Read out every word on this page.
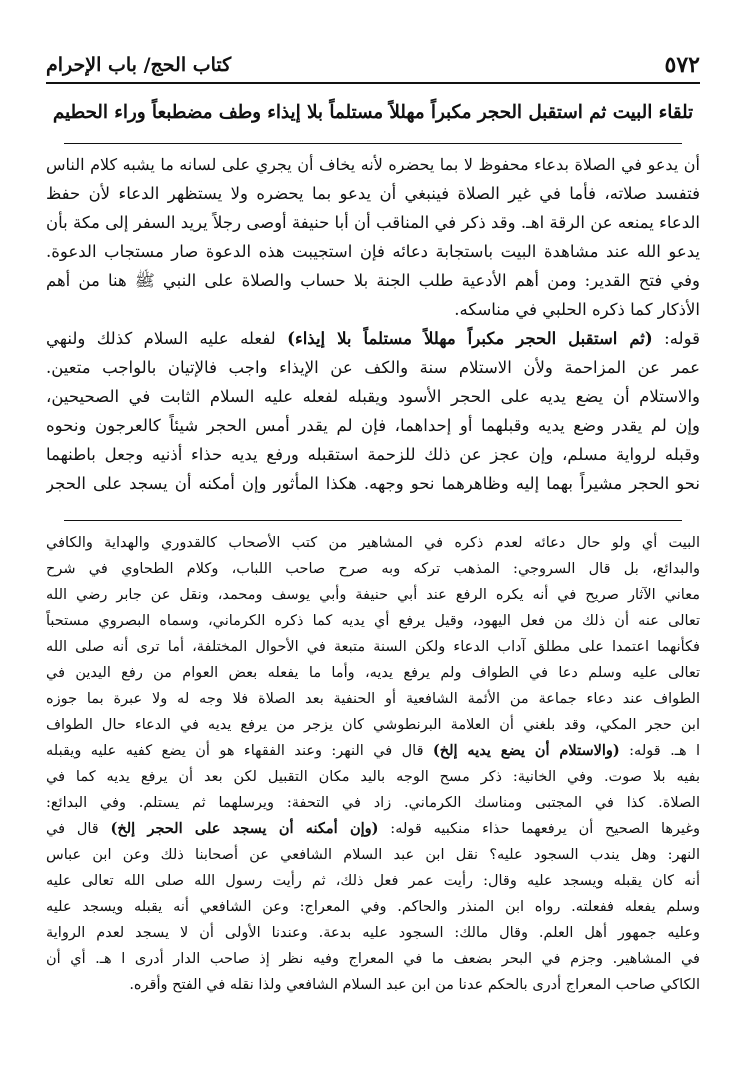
كتاب الحج/ باب الإحرام	٥٧٢
تلقاء البيت ثم استقبل الحجر مكبراً مهللاً مستلماً بلا إيذاء وطف مضطبعاً وراء الحطيم
أن يدعو في الصلاة بدعاء محفوظ لا بما يحضره لأنه يخاف أن يجري على لسانه ما يشبه كلام الناس
فتفسد صلاته، فأما في غير الصلاة فينبغي أن يدعو بما يحضره ولا يستظهر الدعاء لأن حفظ
الدعاء يمنعه عن الرقة اهـ. وقد ذكر في المناقب أن أبا حنيفة أوصى رجلاً يريد السفر إلى مكة بأن
يدعو الله عند مشاهدة البيت باستجابة دعائه فإن استجيبت هذه الدعوة صار مستجاب الدعوة.
وفي فتح القدير: ومن أهم الأدعية طلب الجنة بلا حساب والصلاة على النبي ﷺ هنا من أهم
الأذكار كما ذكره الحلبي في مناسكه.
قوله: (ثم استقبل الحجر مكبراً مهللاً مستلماً بلا إيذاء) لفعله عليه السلام كذلك ولنهي
عمر عن المزاحمة ولأن الاستلام سنة والكف عن الإيذاء واجب فالإتيان بالواجب متعين.
والاستلام أن يضع يديه على الحجر الأسود ويقبله لفعله عليه السلام الثابت في الصحيحين،
وإن لم يقدر وضع يديه وقبلهما أو إحداهما، فإن لم يقدر أمس الحجر شيئاً كالعرجون ونحوه
وقبله لرواية مسلم، وإن عجز عن ذلك للزحمة استقبله ورفع يديه حذاء أذنيه وجعل باطنهما
نحو الحجر مشيراً بهما إليه وظاهرهما نحو وجهه. هكذا المأثور وإن أمكنه أن يسجد على الحجر
البيت أي ولو حال دعائه لعدم ذكره في المشاهير من كتب الأصحاب كالقدوري والهداية والكافي
والبدائع، بل قال السروجي: المذهب تركه وبه صرح صاحب اللباب، وكلام الطحاوي في شرح
معاني الآثار صريح في أنه يكره الرفع عند أبي حنيفة وأبي يوسف ومحمد، ونقل عن جابر رضي الله
تعالى عنه أن ذلك من فعل اليهود، وقيل يرفع أي يديه كما ذكره الكرماني، وسماه البصروي مستحباً
فكأنهما اعتمدا على مطلق آداب الدعاء ولكن السنة متبعة في الأحوال المختلفة، أما ترى أنه صلى الله
تعالى عليه وسلم دعا في الطواف ولم يرفع يديه، وأما ما يفعله بعض العوام من رفع اليدين في
الطواف عند دعاء جماعة من الأئمة الشافعية أو الحنفية بعد الصلاة فلا وجه له ولا عبرة بما جوزه
ابن حجر المكي، وقد بلغني أن العلامة البرنطوشي كان يزجر من يرفع يديه في الدعاء حال الطواف
ا هـ. قوله: (والاستلام أن يضع يديه إلخ) قال في النهر: وعند الفقهاء هو أن يضع كفيه عليه ويقبله
بفيه بلا صوت. وفي الخانية: ذكر مسح الوجه باليد مكان التقبيل لكن بعد أن يرفع يديه كما في
الصلاة. كذا في المجتبى ومناسك الكرماني. زاد في التحفة: ويرسلهما ثم يستلم. وفي البدائع:
وغيرها الصحيح أن يرفعهما حذاء منكبيه قوله: (وإن أمكنه أن يسجد على الحجر إلخ) قال في
النهر: وهل يندب السجود عليه؟ نقل ابن عبد السلام الشافعي عن أصحابنا ذلك وعن ابن عباس
أنه كان يقبله ويسجد عليه وقال: رأيت عمر فعل ذلك، ثم رأيت رسول الله صلى الله تعالى عليه
وسلم يفعله ففعلته. رواه ابن المنذر والحاكم. وفي المعراج: وعن الشافعي أنه يقبله ويسجد عليه
وعليه جمهور أهل العلم. وقال مالك: السجود عليه بدعة. وعندنا الأولى أن لا يسجد لعدم الرواية
في المشاهير. وجزم في البحر بضعف ما في المعراج وفيه نظر إذ صاحب الدار أدرى ا هـ. أي أن
الكاكي صاحب المعراج أدرى بالحكم عدنا من ابن عبد السلام الشافعي ولذا نقله في الفتح وأقره.
